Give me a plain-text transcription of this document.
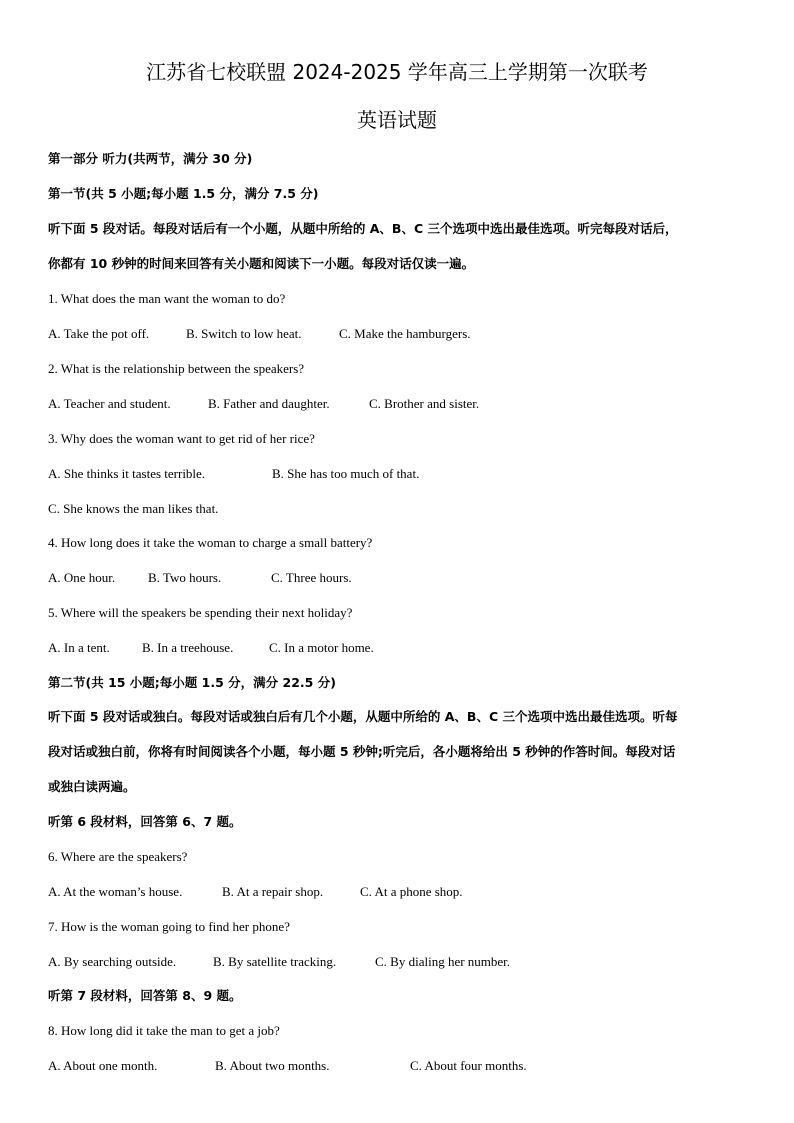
江苏省七校联盟 2024-2025 学年高三上学期第一次联考
英语试题
第一部分 听力(共两节，满分 30 分)
第一节(共 5 小题;每小题 1.5 分，满分 7.5 分)
听下面 5 段对话。每段对话后有一个小题，从题中所给的 A、B、C 三个选项中选出最佳选项。听完每段对话后，
你都有 10 秒钟的时间来回答有关小题和阅读下一小题。每段对话仅读一遍。
1. What does the man want the woman to do?
A. Take the pot off.	B. Switch to low heat.	C. Make the hamburgers.
2. What is the relationship between the speakers?
A. Teacher and student.	B. Father and daughter.	C. Brother and sister.
3. Why does the woman want to get rid of her rice?
A. She thinks it tastes terrible.	B. She has too much of that.
C. She knows the man likes that.
4. How long does it take the woman to charge a small battery?
A. One hour.	B. Two hours.	C. Three hours.
5. Where will the speakers be spending their next holiday?
A. In a tent. B. In a treehouse.	C. In a motor home.
第二节(共 15 小题;每小题 1.5 分，满分 22.5 分)
听下面 5 段对话或独白。每段对话或独白后有几个小题，从题中所给的 A、B、C 三个选项中选出最佳选项。听每
段对话或独白前，你将有时间阅读各个小题，每小题 5 秒钟;听完后，各小题将给出 5 秒钟的作答时间。每段对话
或独白读两遍。
听第 6 段材料，回答第 6、7 题。
6. Where are the speakers?
A. At the woman’s house.	B. At a repair shop.	C. At a phone shop.
7. How is the woman going to find her phone?
A. By searching outside.	B. By satellite tracking.	C. By dialing her number.
听第 7 段材料，回答第 8、9 题。
8. How long did it take the man to get a job?
A. About one month.	B. About two months.	C. About four months.
